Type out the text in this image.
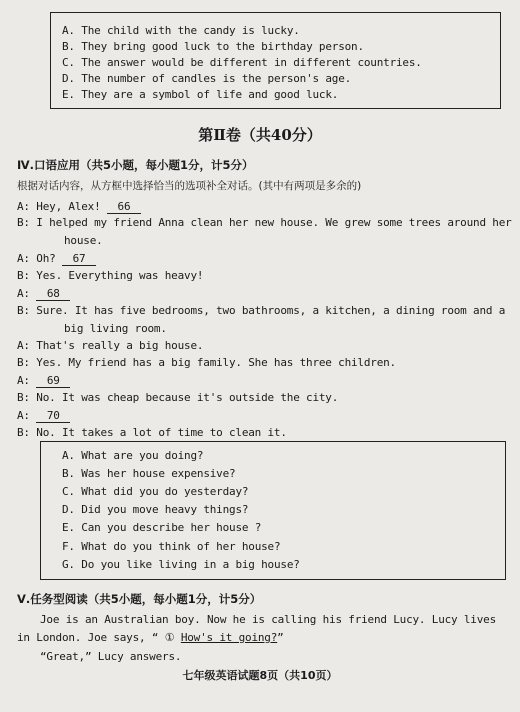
A. The child with the candy is lucky.
B. They bring good luck to the birthday person.
C. The answer would be different in different countries.
D. The number of candles is the person's age.
E. They are a symbol of life and good luck.
第Ⅱ卷（共40分）
Ⅳ.口语应用（共5小题，每小题1分，计5分）
根据对话内容，从方框中选择恰当的选项补全对话。(其中有两项是多余的)
A: Hey, Alex! 66
B: I helped my friend Anna clean her new house. We grew some trees around her
house.
A: Oh? 67
B: Yes. Everything was heavy!
A: 68
B: Sure. It has five bedrooms, two bathrooms, a kitchen, a dining room and a
big living room.
A: That's really a big house.
B: Yes. My friend has a big family. She has three children.
A: 69
B: No. It was cheap because it's outside the city.
A: 70
B: No. It takes a lot of time to clean it.
A. What are you doing?
B. Was her house expensive?
C. What did you do yesterday?
D. Did you move heavy things?
E. Can you describe her house ?
F. What do you think of her house?
G. Do you like living in a big house?
Ⅴ.任务型阅读（共5小题，每小题1分，计5分）
Joe is an Australian boy. Now he is calling his friend Lucy. Lucy lives
in London. Joe says, “ ① How's it going?”
“Great,” Lucy answers.
七年级英语试题8页（共10页）
